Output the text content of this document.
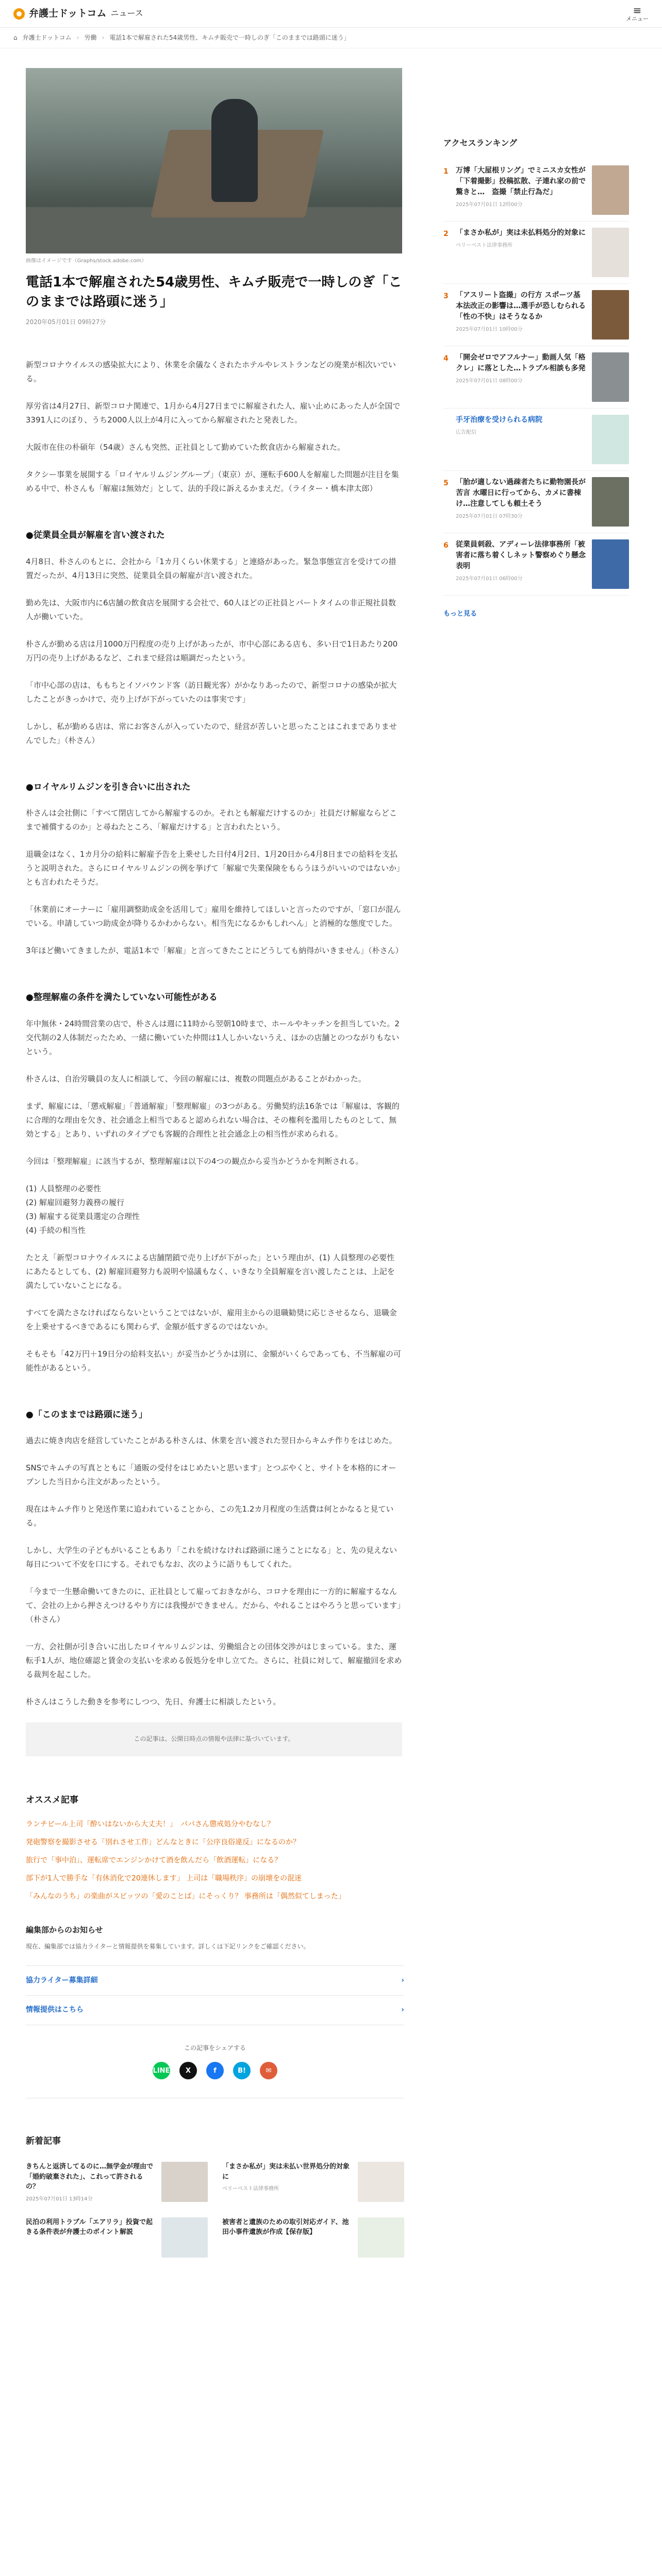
弁護士ドットコム ニュース	≡
メニュー
⌂ 弁護士ドットコム › 労働 › 電話1本で解雇された54歳男性、キムチ販売で一時しのぎ「このままでは路頭に迷う」
画像はイメージです（Graphs/stock.adobe.com）
電話1本で解雇された54歳男性、キムチ販売で一時しのぎ「このままでは路頭に迷う」
2020年05月01日 09時27分

新型コロナウイルスの感染拡大により、休業を余儀なくされたホテルやレストランなどの廃業が相次いでいる。

厚労省は4月27日、新型コロナ関連で、1月から4月27日までに解雇された人、雇い止めにあった人が全国で3391人にのぼり、うち2000人以上が4月に入ってから解雇されたと発表した。

大阪市在住の朴碩年（54歳）さんも突然、正社員として勤めていた飲食店から解雇された。

タクシー事業を展開する「ロイヤルリムジングループ」（東京）が、運転手600人を解雇した問題が注目を集める中で、朴さんも「解雇は無効だ」として、法的手段に訴えるかまえだ。（ライター・橋本津太郎）

●従業員全員が解雇を言い渡された

4月8日、朴さんのもとに、会社から「1カ月くらい休業する」と連絡があった。緊急事態宣言を受けての措置だったが、4月13日に突然、従業員全員の解雇が言い渡された。

勤め先は、大阪市内に6店舗の飲食店を展開する会社で、60人ほどの正社員とパートタイムの非正規社員数人が働いていた。

朴さんが勤める店は月1000万円程度の売り上げがあったが、市中心部にある店も、多い日で1日あたり200万円の売り上げがあるなど、これまで経営は順調だったという。

「市中心部の店は、ももちとイソバウンド客（訪日観光客）がかなりあったので、新型コロナの感染が拡大したことがきっかけで、売り上げが下がっていたのは事実です」

しかし、私が勤める店は、常にお客さんが入っていたので、経営が苦しいと思ったことはこれまでありませんでした」（朴さん）

●ロイヤルリムジンを引き合いに出された

朴さんは会社側に「すべて閉店してから解雇するのか。それとも解雇だけするのか」社員だけ解雇ならどこまで補償するのか」と尋ねたところ、「解雇だけする」と言われたという。

退職金はなく、1カ月分の給料に解雇予告を上乗せした日付4月2日、1月20日から4月8日までの給料を支払うと説明された。さらにロイヤルリムジンの例を挙げて「解雇で失業保険をもらうほうがいいのではないか」とも言われたそうだ。

「休業前にオーナーに「雇用調整助成金を活用して」雇用を維持してほしいと言ったのですが、「窓口が混んでいる。申請していつ助成金が降りるかわからない。相当先になるかもしれへん」と消極的な態度でした。

3年ほど働いてきましたが、電話1本で「解雇」と言ってきたことにどうしても納得がいきません」（朴さん）

●整理解雇の条件を満たしていない可能性がある

年中無休・24時間営業の店で、朴さんは週に11時から翌朝10時まで、ホールやキッチンを担当していた。2交代制の2人体制だったため、一緒に働いていた仲間は1人しかいないうえ、ほかの店舗とのつながりもないという。

朴さんは、自治労職員の友人に相談して、今回の解雇には、複数の問題点があることがわかった。

まず、解雇には、「懲戒解雇」「普通解雇」「整理解雇」の3つがある。労働契約法16条では「解雇は、客観的に合理的な理由を欠き、社会通念上相当であると認められない場合は、その権利を濫用したものとして、無効とする」とあり、いずれのタイプでも客観的合理性と社会通念上の相当性が求められる。

今回は「整理解雇」に該当するが、整理解雇は以下の4つの観点から妥当かどうかを判断される。

(1) 人員整理の必要性
(2) 解雇回避努力義務の履行
(3) 解雇する従業員選定の合理性
(4) 手続の相当性

たとえ「新型コロナウイルスによる店舗閉鎖で売り上げが下がった」という理由が、(1) 人員整理の必要性にあたるとしても、(2) 解雇回避努力も説明や協議もなく、いきなり全員解雇を言い渡したことは、上記を満たしていないことになる。

すべてを満たさなければならないということではないが、雇用主からの退職勧奨に応じさせるなら、退職金を上乗せするべきであるにも関わらず、金額が低すぎるのではないか。

そもそも「42万円＋19日分の給料支払い」が妥当かどうかは別に、金額がいくらであっても、不当解雇の可能性があるという。

●「このままでは路頭に迷う」

過去に焼き肉店を経営していたことがある朴さんは、休業を言い渡された翌日からキムチ作りをはじめた。

SNSでキムチの写真とともに「通販の受付をはじめたいと思います」とつぶやくと、サイトを本格的にオープンした当日から注文があったという。

現在はキムチ作りと発送作業に追われていることから、この先1.2カ月程度の生活費は何とかなると見ている。

しかし、大学生の子どもがいることもあり「これを続けなければ路頭に迷うことになる」と、先の見えない毎日について不安を口にする。それでもなお、次のように語りもしてくれた。

「今まで一生懸命働いてきたのに、正社員として雇っておきながら、コロナを理由に一方的に解雇するなんて、会社の上から押さえつけるやり方には我慢ができません。だから、やれることはやろうと思っています」（朴さん）

一方、会社側が引き合いに出したロイヤルリムジンは、労働組合との団体交渉がはじまっている。また、運転手1人が、地位確認と賃金の支払いを求める仮処分を申し立てた。さらに、社員に対して、解雇撤回を求める裁判を起こした。

朴さんはこうした動きを参考にしつつ、先日、弁護士に相談したという。

この記事は、公開日時点の情報や法律に基づいています。
オススメ記事
ランチビール上司「酔いはないから大丈夫！」　パパさん懲戒処分やむなし？
発砲警察を撮影させる「別れさせ工作」どんなときに「公序良俗違反」になるのか？
旅行で「事中泊」、運転席でエンジンかけて酒を飲んだら「飲酒運転」になる？
部下が1人で勝手な「有休消化で20連休します」 上司は「職場秩序」の崩壊をの混迷
「みんなのうち」の楽曲がスピッツの「愛のことば」にそっくり？ 事務所は「偶然似てしまった」
編集部からのお知らせ
現在、編集部では協力ライターと情報提供を募集しています。詳しくは下記リンクをご確認ください。
協力ライター募集詳細	›
情報提供はこちら	›
この記事をシェアする
LINE	X	f	B!	✉
新着記事
きちんと返済してるのに…無学金が理由で「婚約破棄された」、これって許されるの？
2025年07月01日 13時14分
「まさか私が」実は未払い世界処分的対象に
ベリーベスト法律事務所
民泊の利用トラブル「エアリラ」投資で起きる条件表が弁護士のボイント解説
被害者と遺族のための取引対応ガイド、池田小事件遺族が作成【保存版】
アクセスランキング
1	万博「大屋根リング」でミニスカ女性が「下着撮影」投稿拡散、子連れ家の前で驚きと…　盗撮「禁止行為だ」
2025年07月01日 12時00分
2	「まさか私が」実は未払料処分的対象に
ベリーベスト法律事務所
3	「アスリート盗撮」の行方 スポーツ基本法改正の影響は…選手が恐しむられる「性の不快」はそうなるか
2025年07月01日 10時00分
4	「開会ゼロでアフルナー」動画人気「格クレ」に落とした…トラブル相談も多発
2025年07月01日 08時00分
手牙治療を受けられる病院
広告配信
5	「胎が適しない過疎者たちに勤物園長が苦言 水曜日に行ってから、カメに書棟け…注意してしも頼土そう
2025年07月01日 07時30分
6	従業員刺殺、アディーレ法律事務所「被害者に落ち着くしネット警察めぐり懸念表明
2025年07月01日 06時00分
もっと見る
